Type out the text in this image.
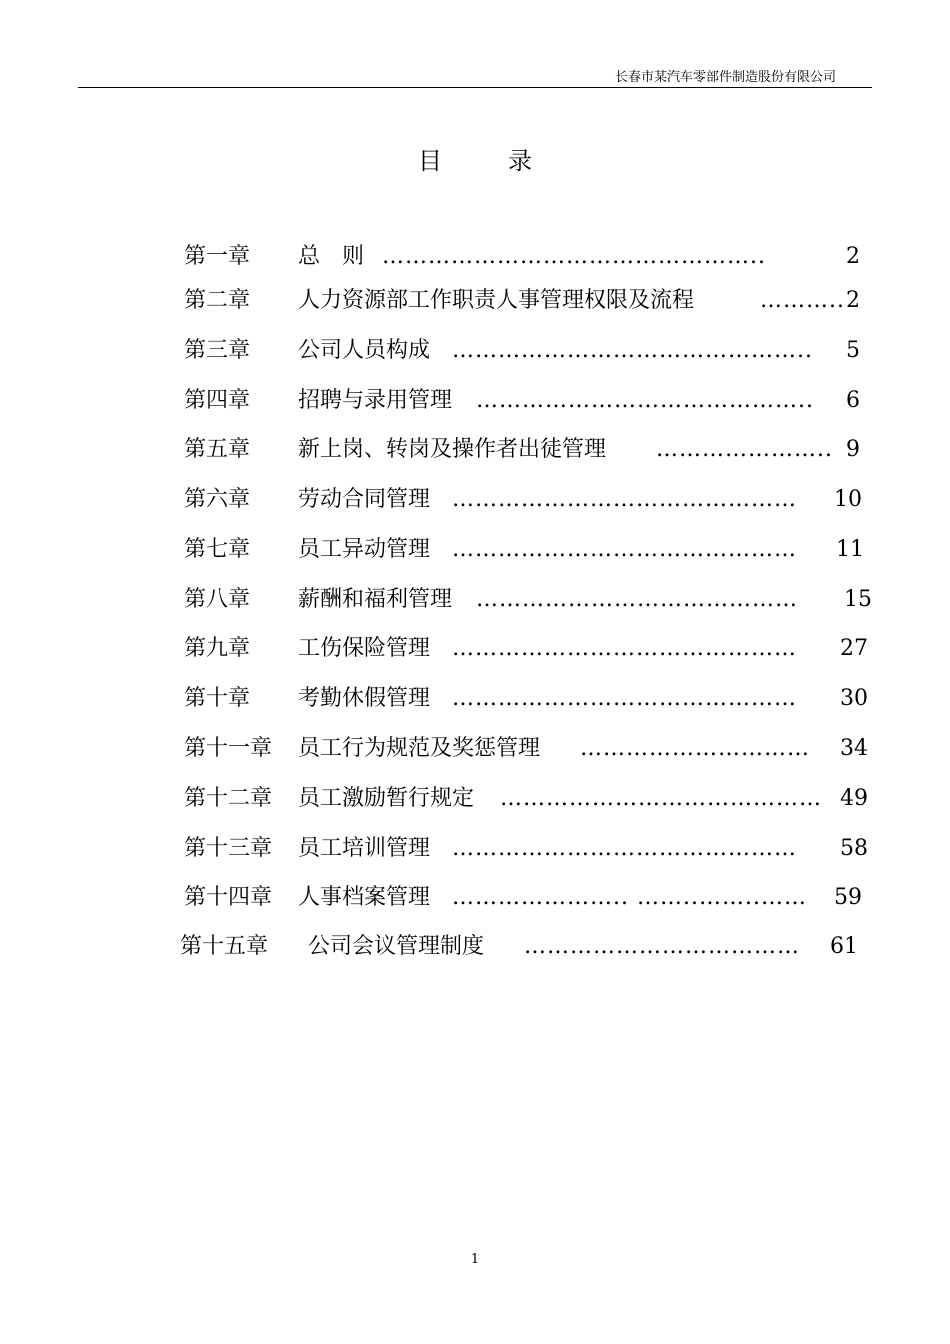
长春市某汽车零部件制造股份有限公司
目	录
第一章 总　则 …………………………………………..	2
第二章 人力资源部工作职责人事管理权限及流程	……….. 2
第三章 公司人员构成 ………………………………………..	5
第四章 招聘与录用管理 ……………………………………..	6
第五章 新上岗、转岗及操作者出徒管理 ………………….. 9
第六章 劳动合同管理 ………………………………………	10
第七章 员工异动管理 ………………………………………	11
第八章 薪酬和福利管理 ……………………………………	15
第九章 工伤保险管理 ………………………………………	27
第十章 考勤休假管理 ………………………………………	30
第十一章 员工行为规范及奖惩管理 …………………………	34
第十二章 员工激励暂行规定 …………………………………… 49
第十三章 员工培训管理 ………………………………………	58
第十四章 人事档案管理 ………………….. ……..……..……	59
第十五章 公司会议管理制度 ………………………………	61
1
